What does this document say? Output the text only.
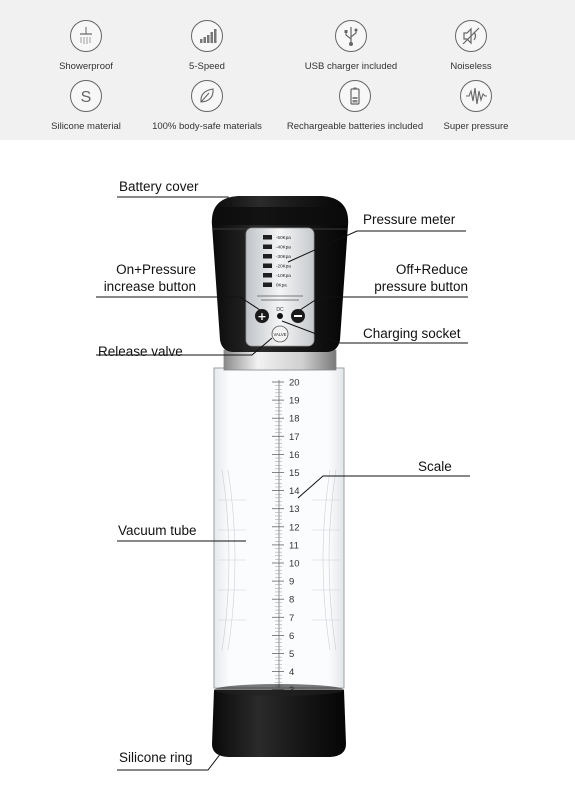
Showerproof	5-Speed	USB charger included	Noiseless
S
Silicone material	100% body-safe materials	Rechargeable batteries included	Super pressure
20
19
18
17
16
15
14
13
12
11
10
9
8
7
6
5
4
-50Kpa
-40Kpa
-30Kpa
-20Kpa
-10Kpa
0Kpa
DC
+
VALVE
Battery cover
Pressure meter
On+Pressure
increase button
Off+Reduce
pressure button
Charging socket
Release valve
Scale
Vacuum tube
Silicone ring
